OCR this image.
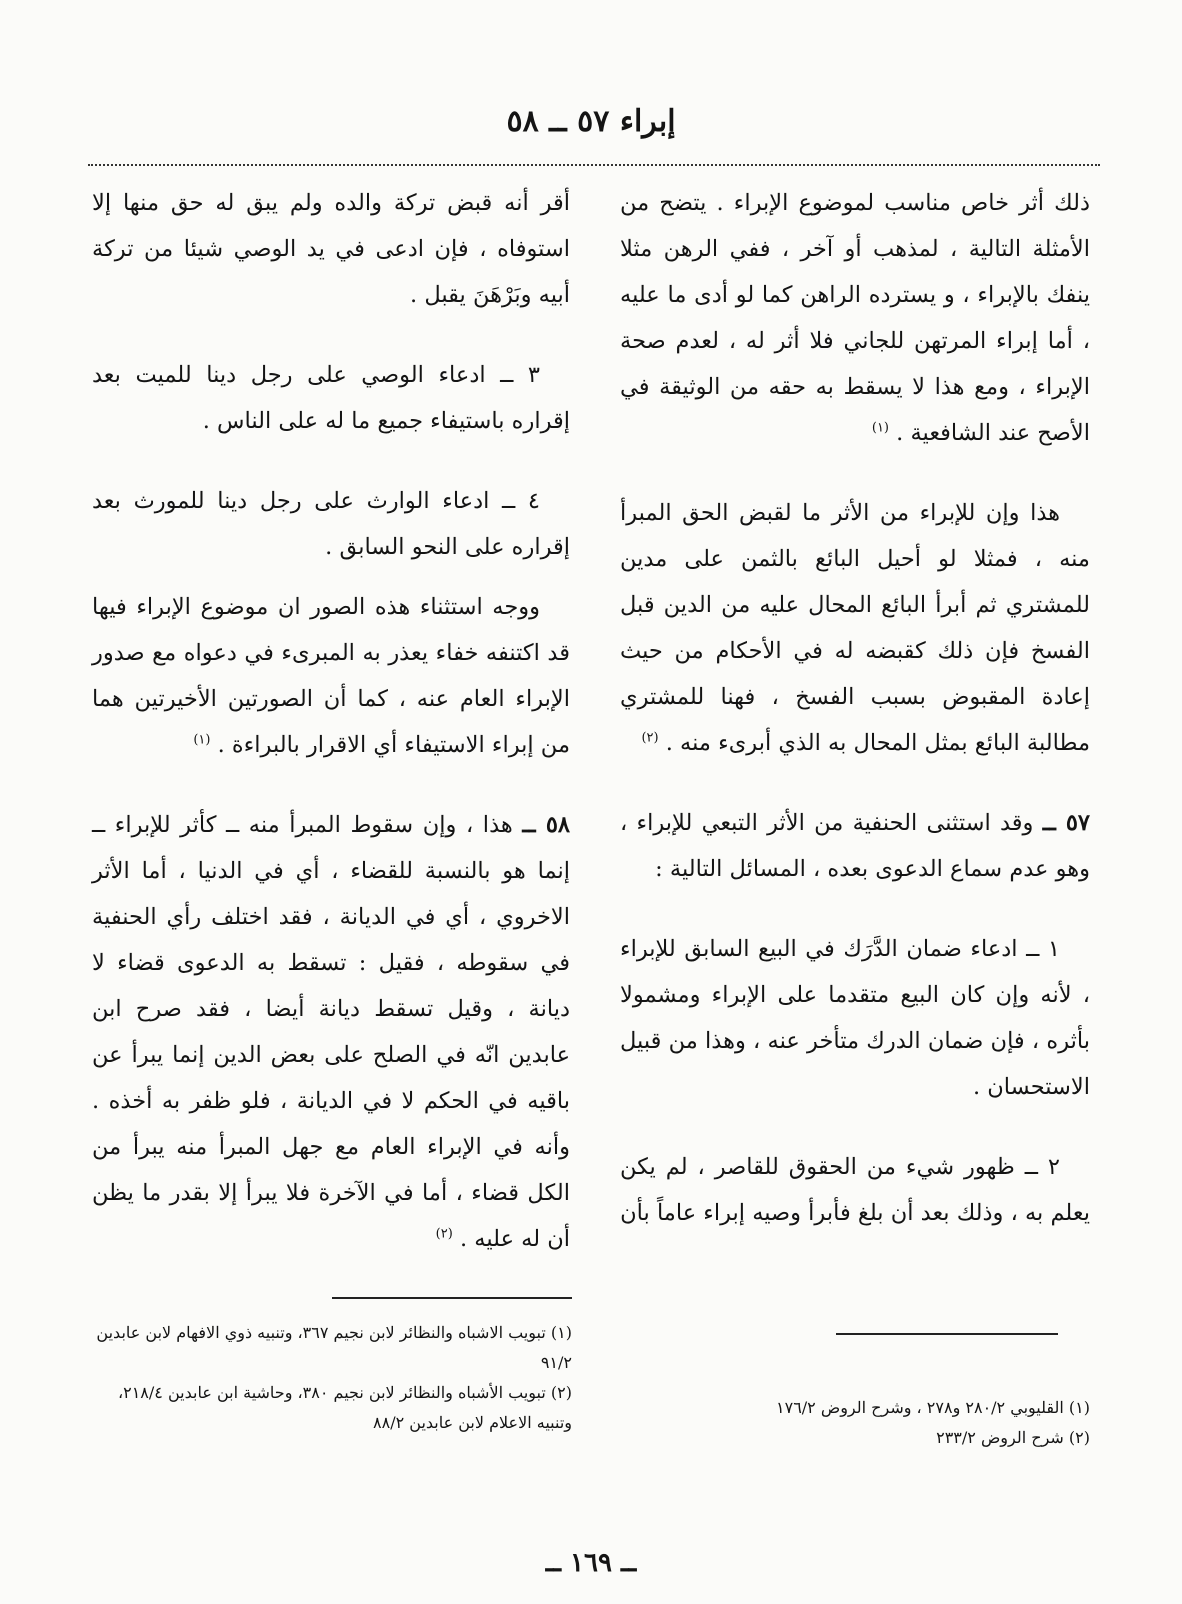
إبراء ٥٧ ــ ٥٨

ذلك أثر خاص مناسب لموضوع الإبراء . يتضح من الأمثلة التالية ، لمذهب أو آخر ، ففي الرهن مثلا ينفك بالإبراء ، و يسترده الراهن كما لو أدى ما عليه ، أما إبراء المرتهن للجاني فلا أثر له ، لعدم صحة الإبراء ، ومع هذا لا يسقط به حقه من الوثيقة في الأصح عند الشافعية . $^{(١)}$

هذا وإن للإبراء من الأثر ما لقبض الحق المبرأ منه ، فمثلا لو أحيل البائع بالثمن على مدين للمشتري ثم أبرأ البائع المحال عليه من الدين قبل الفسخ فإن ذلك كقبضه له في الأحكام من حيث إعادة المقبوض بسبب الفسخ ، فهنا للمشتري مطالبة البائع بمثل المحال به الذي أبرىء منه . $^{(٢)}$

٥٧ ــ وقد استثنى الحنفية من الأثر التبعي للإبراء ، وهو عدم سماع الدعوى بعده ، المسائل التالية :

١ ــ ادعاء ضمان الدَّرَك في البيع السابق للإبراء ، لأنه وإن كان البيع متقدما على الإبراء ومشمولا بأثره ، فإن ضمان الدرك متأخر عنه ، وهذا من قبيل الاستحسان .

٢ ــ ظهور شيء من الحقوق للقاصر ، لم يكن يعلم به ، وذلك بعد أن بلغ فأبرأ وصيه إبراء عاماً بأن

أقر أنه قبض تركة والده ولم يبق له حق منها إلا استوفاه ، فإن ادعى في يد الوصي شيئا من تركة أبيه وبَرْهَنَ يقبل .

٣ ــ ادعاء الوصي على رجل دينا للميت بعد إقراره باستيفاء جميع ما له على الناس .

٤ ــ ادعاء الوارث على رجل دينا للمورث بعد إقراره على النحو السابق .

ووجه استثناء هذه الصور ان موضوع الإبراء فيها قد اكتنفه خفاء يعذر به المبرىء في دعواه مع صدور الإبراء العام عنه ، كما أن الصورتين الأخيرتين هما من إبراء الاستيفاء أي الاقرار بالبراءة . $^{(١)}$

٥٨ ــ هذا ، وإن سقوط المبرأ منه ــ كأثر للإبراء ــ إنما هو بالنسبة للقضاء ، أي في الدنيا ، أما الأثر الاخروي ، أي في الديانة ، فقد اختلف رأي الحنفية في سقوطه ، فقيل : تسقط به الدعوى قضاء لا ديانة ، وقيل تسقط ديانة أيضا ، فقد صرح ابن عابدين انّه في الصلح على بعض الدين إنما يبرأ عن باقيه في الحكم لا في الديانة ، فلو ظفر به أخذه . وأنه في الإبراء العام مع جهل المبرأ منه يبرأ من الكل قضاء ، أما في الآخرة فلا يبرأ إلا بقدر ما يظن أن له عليه . $^{(٢)}$

(١) تبويب الاشباه والنظائر لابن نجيم ٣٦٧، وتنبيه ذوي الافهام لابن عابدين ٩١/٢
(٢) تبويب الأشباه والنظائر لابن نجيم ٣٨٠، وحاشية ابن عابدين ٢١٨/٤، وتنبيه الاعلام لابن عابدين ٨٨/٢
(١) القليوبي ٢٨٠/٢ و٢٧٨ ، وشرح الروض ١٧٦/٢
(٢) شرح الروض ٢٣٣/٢
ــ ١٦٩ ــ
